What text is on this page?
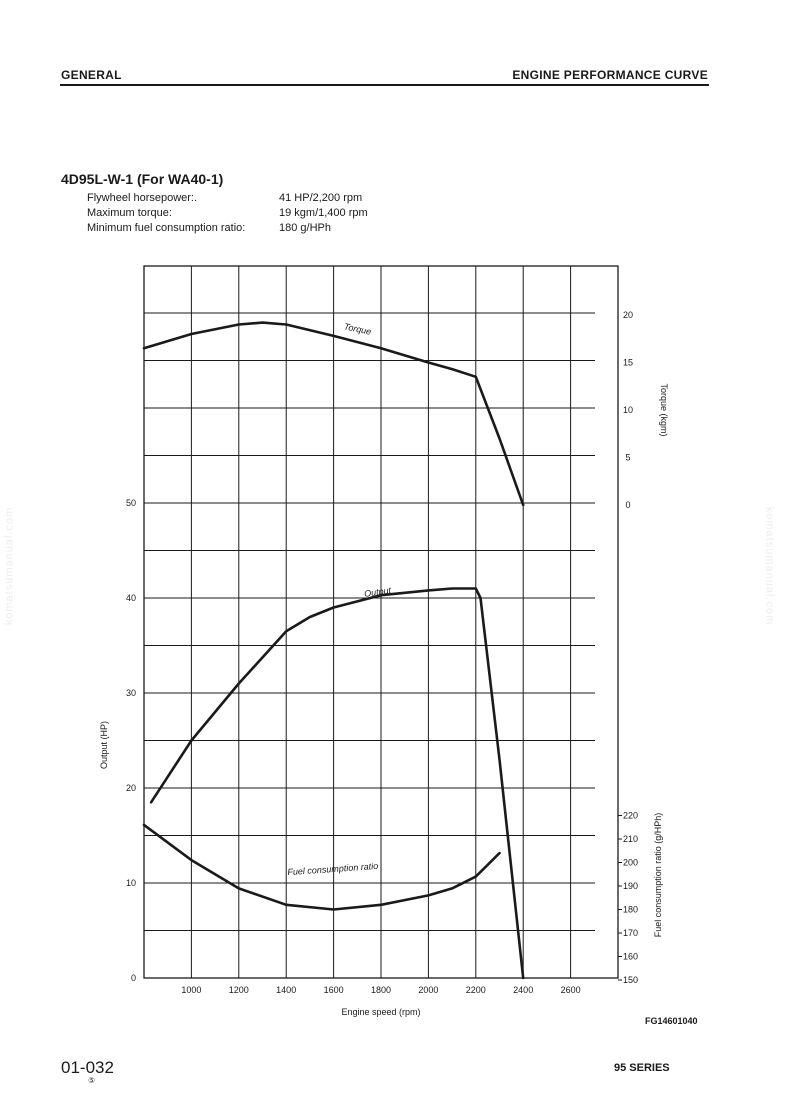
GENERAL	ENGINE PERFORMANCE CURVE
4D95L-W-1 (For WA40-1)
Flywheel horsepower:.	41 HP/2,200 rpm
Maximum torque:	19 kgm/1,400 rpm
Minimum fuel consumption ratio:	180 g/HPh
1000	1200	1400	1600	1800	2000	2200	2400	2600
0
10
20
30
40
50	0
5
10
15
20
150
160
170
180
190
200
210
220
Engine speed (rpm)
Output (HP)
Torque (kgm)
Fuel consumption ratio (g/HPh)
Torque
Output
Fuel consumption ratio
FG14601040
01-032
⑤
95 SERIES
komatsumanual.com	komatsumanual.com
